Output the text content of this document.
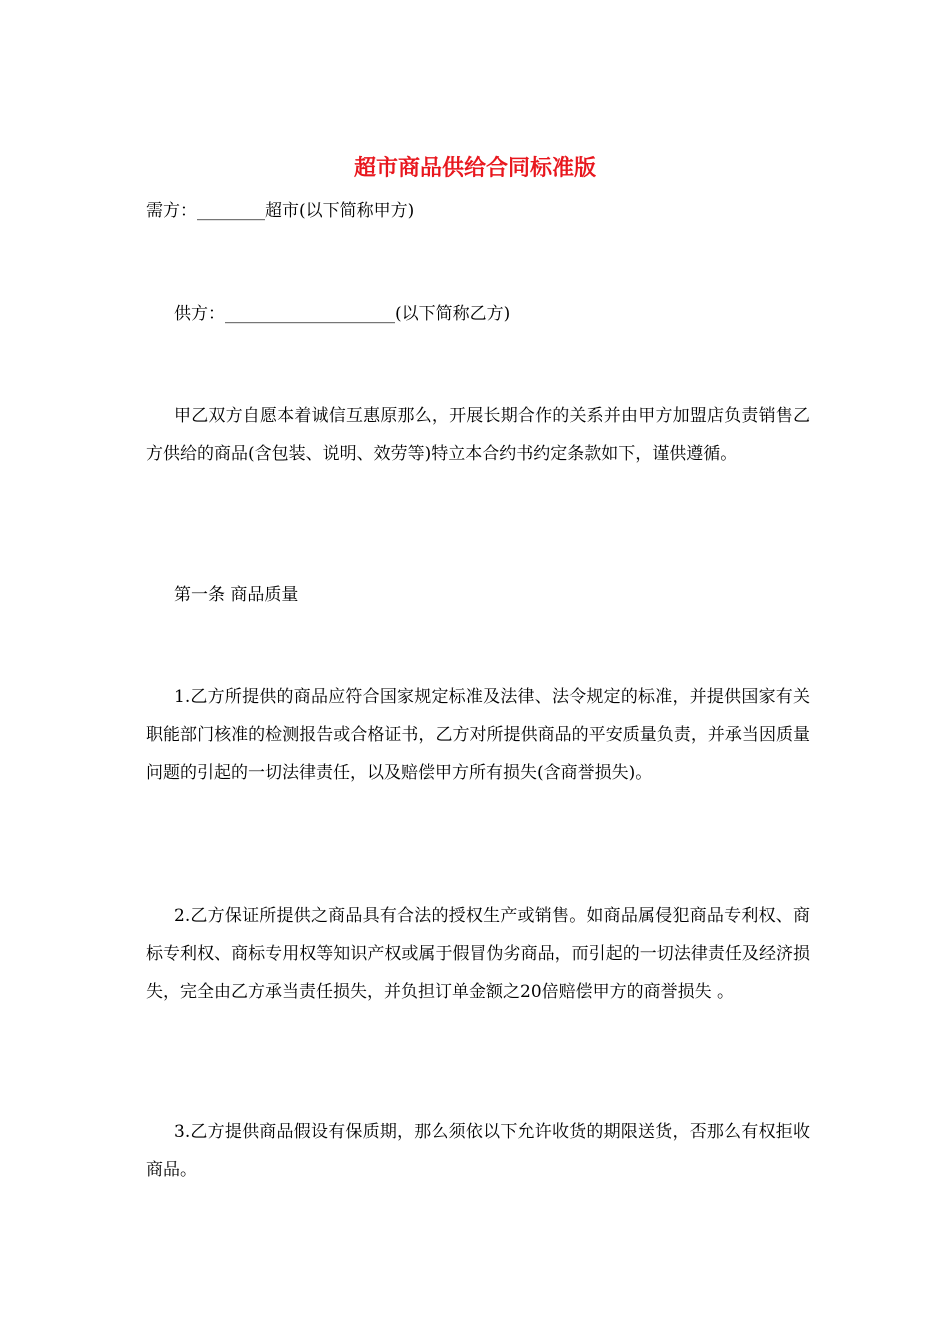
超市商品供给合同标准版

需方：________超市(以下简称甲方)

供方：____________________(以下简称乙方)

甲乙双方自愿本着诚信互惠原那么，开展长期合作的关系并由甲方加盟店负责销售乙方供给的商品(含包装、说明、效劳等)特立本合约书约定条款如下，谨供遵循。

第一条 商品质量

1.乙方所提供的商品应符合国家规定标准及法律、法令规定的标准，并提供国家有关职能部门核准的检测报告或合格证书，乙方对所提供商品的平安质量负责，并承当因质量问题的引起的一切法律责任，以及赔偿甲方所有损失(含商誉损失)。

2.乙方保证所提供之商品具有合法的授权生产或销售。如商品属侵犯商品专利权、商标专利权、商标专用权等知识产权或属于假冒伪劣商品，而引起的一切法律责任及经济损失，完全由乙方承当责任损失，并负担订单金额之20倍赔偿甲方的商誉损失 。

3.乙方提供商品假设有保质期，那么须依以下允许收货的期限送货，否那么有权拒收商品。
